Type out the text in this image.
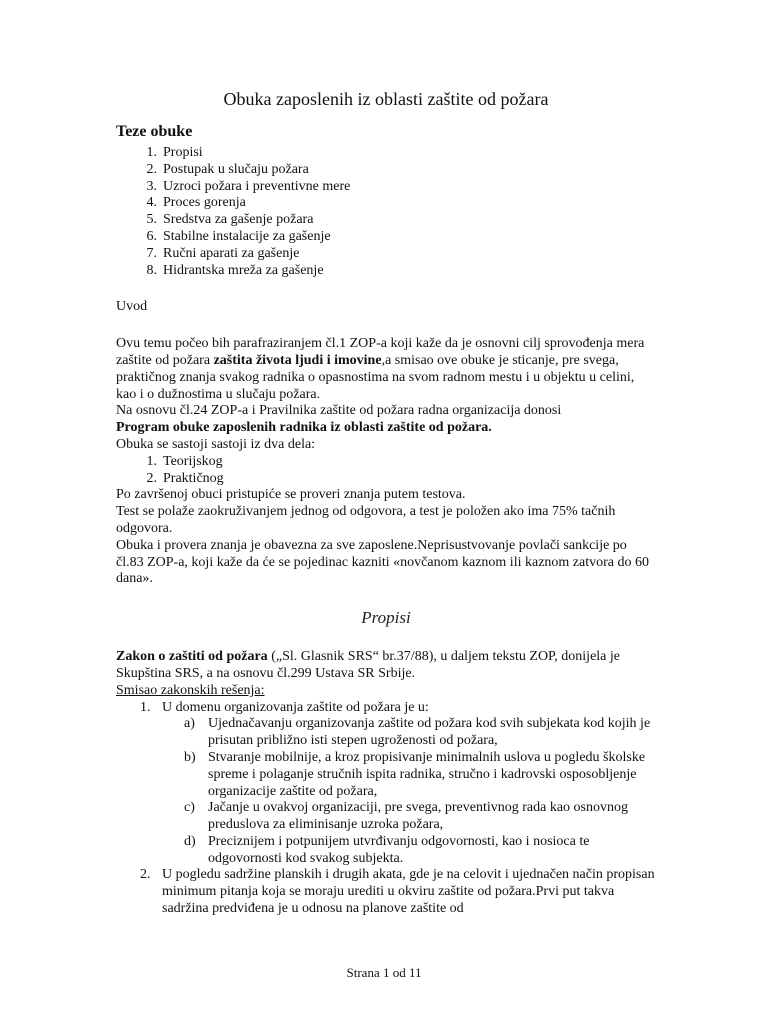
Obuka zaposlenih iz oblasti zaštite od požara
Teze obuke
1. Propisi
2. Postupak u slučaju požara
3. Uzroci požara i preventivne mere
4. Proces gorenja
5. Sredstva za gašenje požara
6. Stabilne instalacije za gašenje
7. Ručni aparati za gašenje
8. Hidrantska mreža za gašenje

Uvod

Ovu temu počeo bih parafraziranjem čl.1 ZOP-a koji kaže da je osnovni cilj sprovođenja mera zaštite od požara zaštita života ljudi i imovine,a smisao ove obuke je sticanje, pre svega, praktičnog znanja svakog radnika o opasnostima na svom radnom mestu i u objektu u celini, kao i o dužnostima u slučaju požara.

Na osnovu čl.24 ZOP-a i Pravilnika zaštite od požara radna organizacija donosi

Program obuke zaposlenih radnika iz oblasti zaštite od požara.

Obuka se sastoji sastoji iz dva dela:

1. Teorijskog
2. Praktičnog

Po završenoj obuci pristupiće se proveri znanja putem testova.

Test se polaže zaokruživanjem jednog od odgovora, a test je položen ako ima 75% tačnih odgovora.

Obuka i provera znanja je obavezna za sve zaposlene.Neprisustvovanje povlači sankcije po čl.83 ZOP-a, koji kaže da će se pojedinac kazniti «novčanom kaznom ili kaznom zatvora do 60 dana».

Propisi

Zakon o zaštiti od požara („Sl. Glasnik SRS“ br.37/88), u daljem tekstu ZOP, donijela je Skupština SRS, a na osnovu čl.299 Ustava SR Srbije.

Smisao zakonskih rešenja:

1. U domenu organizovanja zaštite od požara je u:
a) Ujednačavanju organizovanja zaštite od požara kod svih subjekata kod kojih je prisutan približno isti stepen ugroženosti od požara,
b) Stvaranje mobilnije, a kroz propisivanje minimalnih uslova u pogledu školske spreme i polaganje stručnih ispita radnika, stručno i kadrovski osposobljenje organizacije zaštite od požara,
c) Jačanje u ovakvoj organizaciji, pre svega, preventivnog rada kao osnovnog preduslova za eliminisanje uzroka požara,
d) Preciznijem i potpunijem utvrđivanju odgovornosti, kao i nosioca te odgovornosti kod svakog subjekta.
2. U pogledu sadržine planskih i drugih akata, gde je na celovit i ujednačen način propisan minimum pitanja koja se moraju urediti u okviru zaštite od požara.Prvi put takva sadržina predviđena je u odnosu na planove zaštite od
Strana 1 od 11
